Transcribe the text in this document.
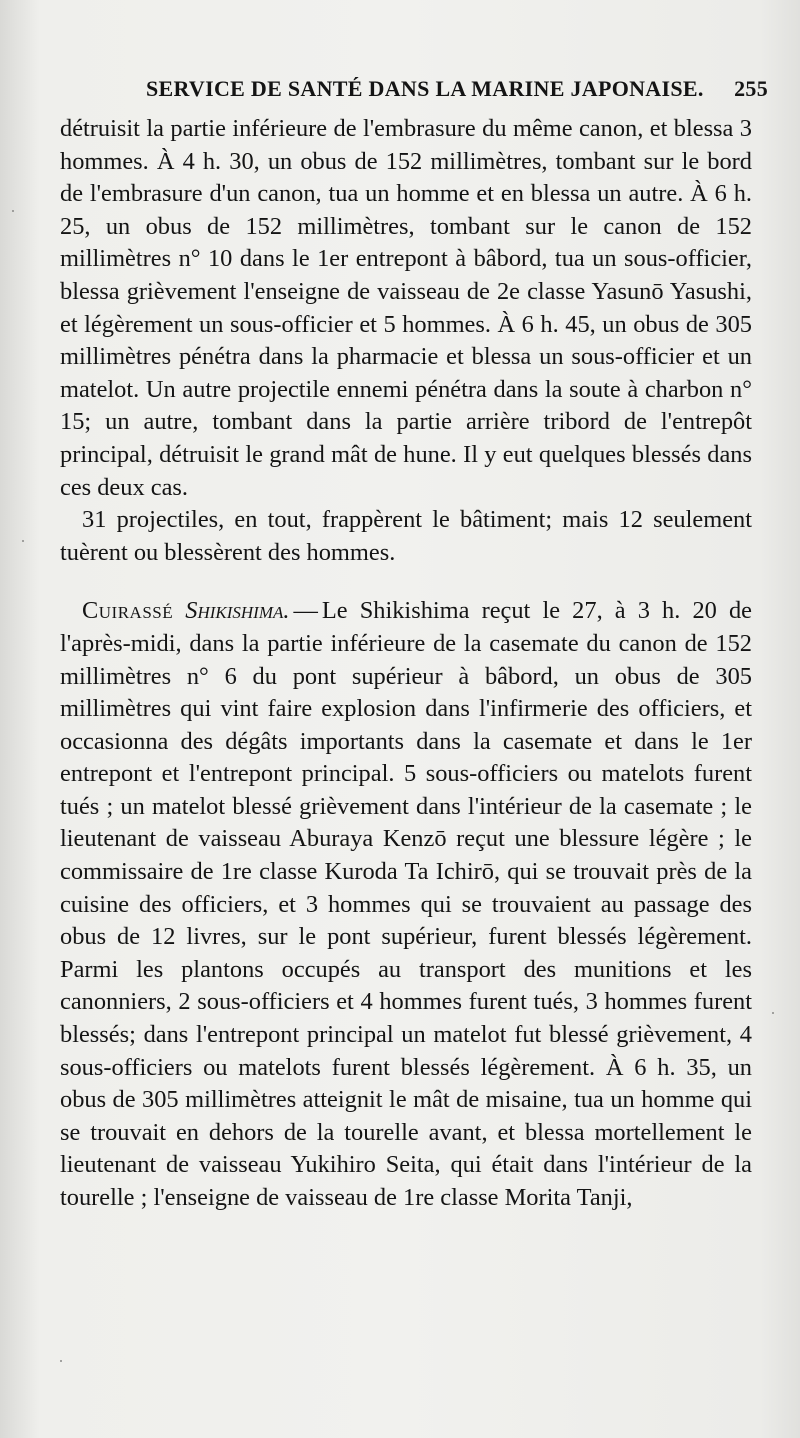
SERVICE DE SANTÉ DANS LA MARINE JAPONAISE. 255

détruisit la partie inférieure de l'embrasure du même canon, et blessa 3 hommes. À 4 h. 30, un obus de 152 millimètres, tombant sur le bord de l'embrasure d'un canon, tua un homme et en blessa un autre. À 6 h. 25, un obus de 152 millimètres, tombant sur le canon de 152 millimètres n° 10 dans le 1er entrepont à bâbord, tua un sous-officier, blessa grièvement l'enseigne de vaisseau de 2e classe Yasunō Yasushi, et légèrement un sous-officier et 5 hommes. À 6 h. 45, un obus de 305 millimètres pénétra dans la pharmacie et blessa un sous-officier et un matelot. Un autre projectile ennemi pénétra dans la soute à charbon n° 15; un autre, tombant dans la partie arrière tribord de l'entrepôt principal, détruisit le grand mât de hune. Il y eut quelques blessés dans ces deux cas.

31 projectiles, en tout, frappèrent le bâtiment; mais 12 seulement tuèrent ou blessèrent des hommes.

Cuirassé Shikishima. — Le Shikishima reçut le 27, à 3 h. 20 de l'après-midi, dans la partie inférieure de la casemate du canon de 152 millimètres n° 6 du pont supérieur à bâbord, un obus de 305 millimètres qui vint faire explosion dans l'infirmerie des officiers, et occasionna des dégâts importants dans la casemate et dans le 1er entrepont et l'entrepont principal. 5 sous-officiers ou matelots furent tués ; un matelot blessé grièvement dans l'intérieur de la casemate ; le lieutenant de vaisseau Aburaya Kenzō reçut une blessure légère ; le commissaire de 1re classe Kuroda Ta Ichirō, qui se trouvait près de la cuisine des officiers, et 3 hommes qui se trouvaient au passage des obus de 12 livres, sur le pont supérieur, furent blessés légèrement. Parmi les plantons occupés au transport des munitions et les canonniers, 2 sous-officiers et 4 hommes furent tués, 3 hommes furent blessés; dans l'entrepont principal un matelot fut blessé grièvement, 4 sous-officiers ou matelots furent blessés légèrement. À 6 h. 35, un obus de 305 millimètres atteignit le mât de misaine, tua un homme qui se trouvait en dehors de la tourelle avant, et blessa mortellement le lieutenant de vaisseau Yukihiro Seita, qui était dans l'intérieur de la tourelle ; l'enseigne de vaisseau de 1re classe Morita Tanji,
